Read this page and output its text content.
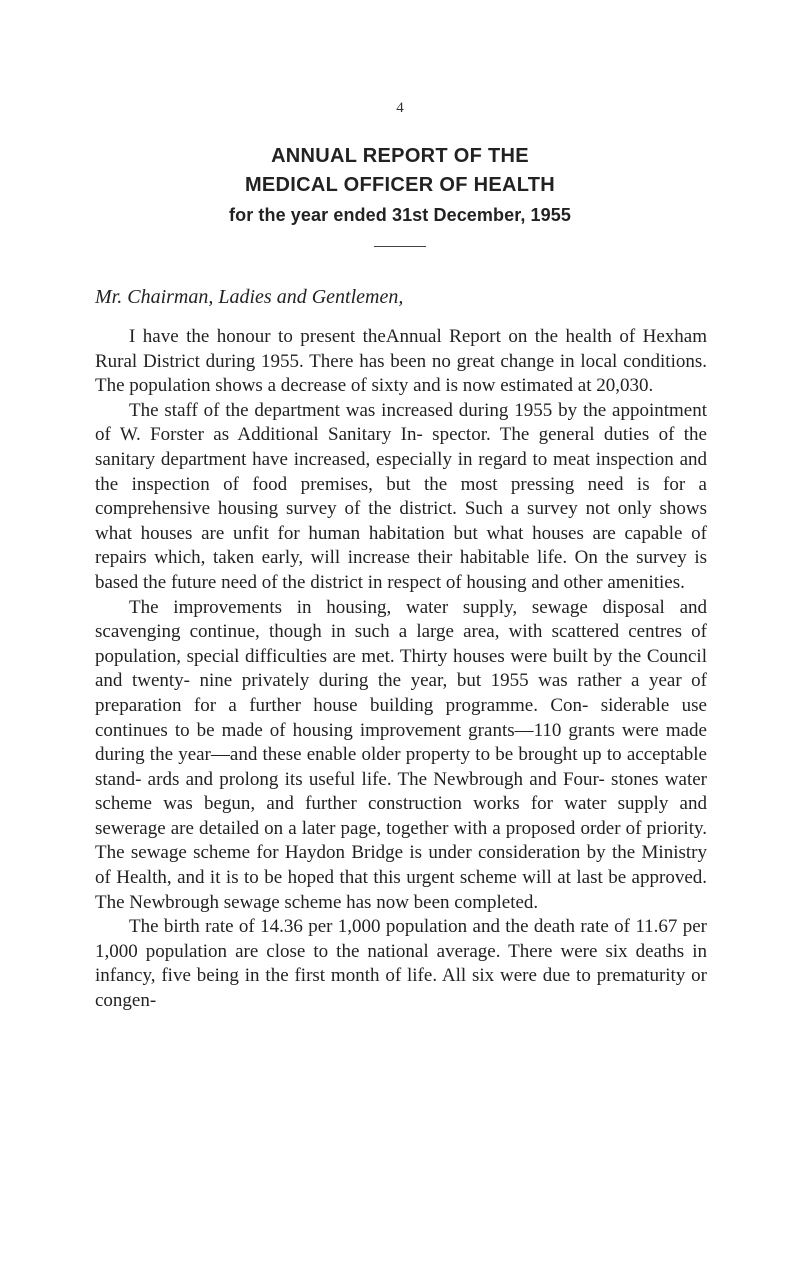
4
ANNUAL REPORT OF THE
MEDICAL OFFICER OF HEALTH
for the year ended 31st December, 1955
Mr. Chairman, Ladies and Gentlemen,

I have the honour to present theAnnual Report on the health of Hexham Rural District during 1955. There has been no great change in local conditions. The population shows a decrease of sixty and is now estimated at 20,030.

The staff of the department was increased during 1955 by the appointment of W. Forster as Additional Sanitary In- spector. The general duties of the sanitary department have increased, especially in regard to meat inspection and the inspection of food premises, but the most pressing need is for a comprehensive housing survey of the district. Such a survey not only shows what houses are unfit for human habitation but what houses are capable of repairs which, taken early, will increase their habitable life. On the survey is based the future need of the district in respect of housing and other amenities.

The improvements in housing, water supply, sewage disposal and scavenging continue, though in such a large area, with scattered centres of population, special difficulties are met. Thirty houses were built by the Council and twenty- nine privately during the year, but 1955 was rather a year of preparation for a further house building programme. Con- siderable use continues to be made of housing improvement grants—110 grants were made during the year—and these enable older property to be brought up to acceptable stand- ards and prolong its useful life. The Newbrough and Four- stones water scheme was begun, and further construction works for water supply and sewerage are detailed on a later page, together with a proposed order of priority. The sewage scheme for Haydon Bridge is under consideration by the Ministry of Health, and it is to be hoped that this urgent scheme will at last be approved. The Newbrough sewage scheme has now been completed.

The birth rate of 14.36 per 1,000 population and the death rate of 11.67 per 1,000 population are close to the national average. There were six deaths in infancy, five being in the first month of life. All six were due to prematurity or congen-
